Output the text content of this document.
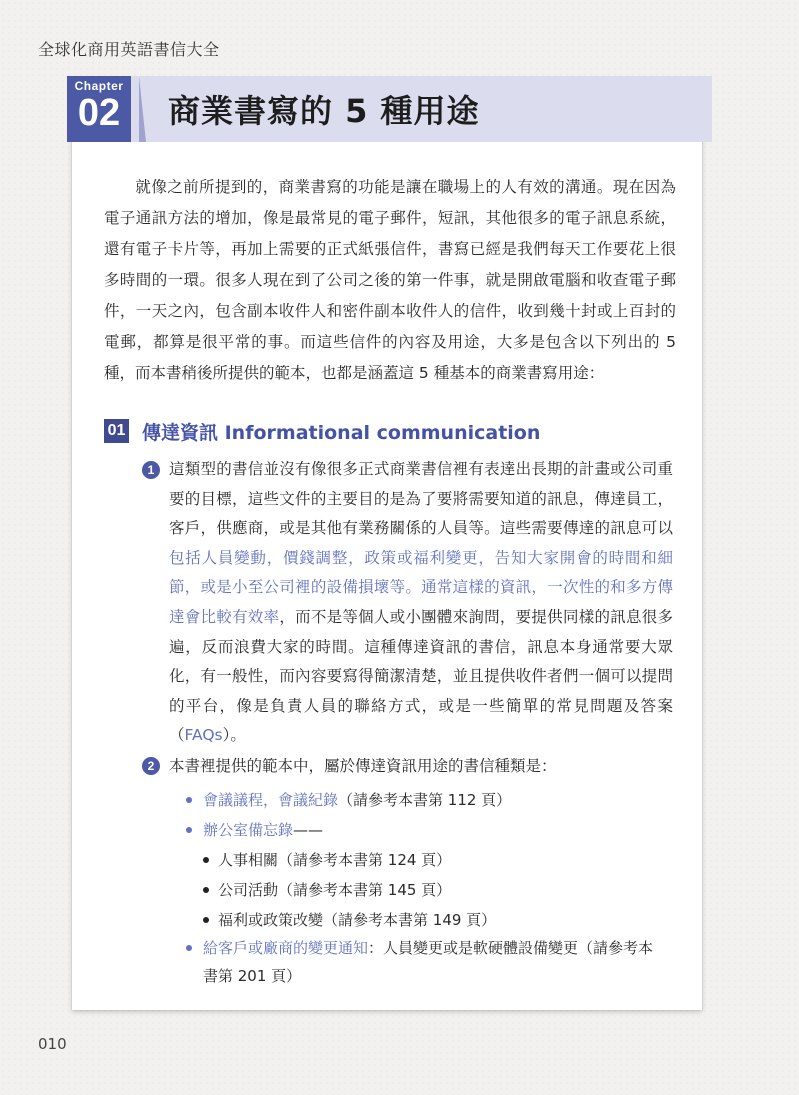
全球化商用英語書信大全
Chapter
02	商業書寫的 5 種用途

就像之前所提到的，商業書寫的功能是讓在職場上的人有效的溝通。現在因為電子通訊方法的增加，像是最常見的電子郵件，短訊，其他很多的電子訊息系統，還有電子卡片等，再加上需要的正式紙張信件，書寫已經是我們每天工作要花上很多時間的一環。很多人現在到了公司之後的第一件事，就是開啟電腦和收查電子郵件，一天之內，包含副本收件人和密件副本收件人的信件，收到幾十封或上百封的電郵，都算是很平常的事。而這些信件的內容及用途，大多是包含以下列出的 5 種，而本書稍後所提供的範本，也都是涵蓋這 5 種基本的商業書寫用途：

01 傳達資訊 Informational communication
1 這類型的書信並沒有像很多正式商業書信裡有表達出長期的計畫或公司重要的目標，這些文件的主要目的是為了要將需要知道的訊息，傳達員工，客戶，供應商，或是其他有業務關係的人員等。這些需要傳達的訊息可以包括人員變動，價錢調整，政策或福利變更，告知大家開會的時間和細節，或是小至公司裡的設備損壞等。通常這樣的資訊，一次性的和多方傳達會比較有效率，而不是等個人或小團體來詢問，要提供同樣的訊息很多遍，反而浪費大家的時間。這種傳達資訊的書信，訊息本身通常要大眾化，有一般性，而內容要寫得簡潔清楚，並且提供收件者們一個可以提問的平台，像是負責人員的聯絡方式，或是一些簡單的常見問題及答案（FAQs）。

2 本書裡提供的範本中，屬於傳達資訊用途的書信種類是：

會議議程，會議紀錄（請參考本書第 112 頁）

辦公室備忘錄——

人事相關（請參考本書第 124 頁）

公司活動（請參考本書第 145 頁）

福利或政策改變（請參考本書第 149 頁）

給客戶或廠商的變更通知：人員變更或是軟硬體設備變更（請參考本

書第 201 頁）

010
